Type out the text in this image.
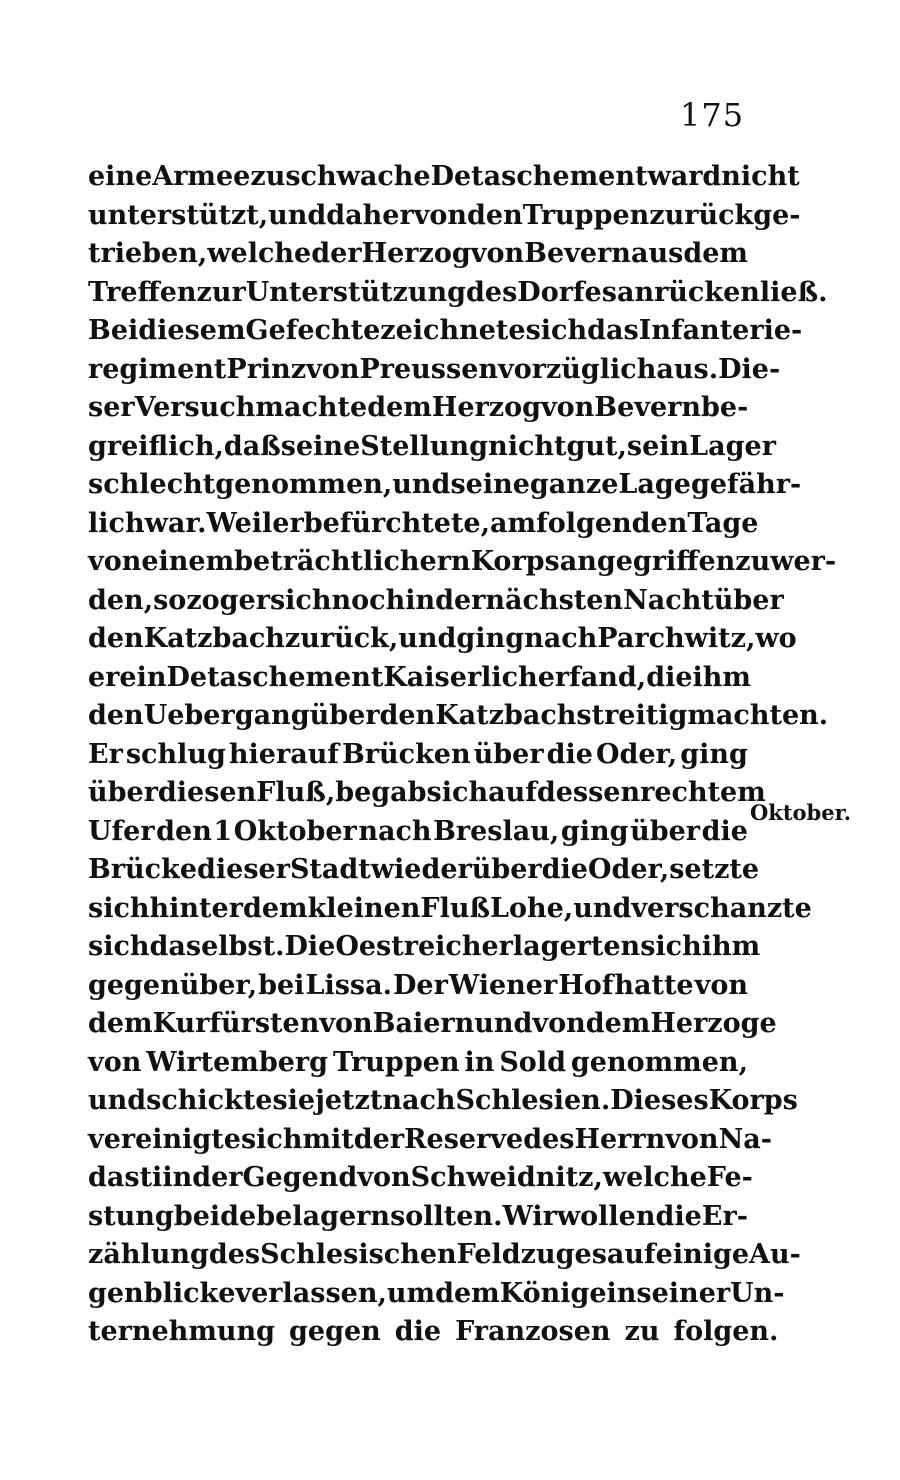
175
eine Armee zu schwache Detaschement ward nicht
unterstützt, und daher von den Truppen zurückge-
trieben, welche der Herzog von Bevern aus dem
Treffen zur Unterstützung des Dorfes anrücken ließ.
Bei diesem Gefechte zeichnete sich das Infanterie-
regiment Prinz von Preussen vorzüglich aus. Die-
ser Versuch machte dem Herzog von Bevern be-
greiflich, daß seine Stellung nicht gut, sein Lager
schlecht genommen, und seine ganze Lage gefähr-
lich war. Weil er befürchtete, am folgenden Tage
von einem beträchtlichern Korps angegriffen zu wer-
den, so zog er sich noch in der nächsten Nacht über
den Katzbach zurück, und ging nach Parchwitz, wo
er ein Detaschement Kaiserlicher fand, die ihm
den Uebergang über den Katzbach streitig machten.
Er schlug hierauf Brücken über die Oder, ging
über diesen Fluß, begab sich auf dessen rechtem
Ufer den 1 Oktober nach Breslau, ging über die
Brücke dieser Stadt wieder über die Oder, setzte
sich hinter dem kleinen Fluß Lohe, und verschanzte
sich daselbst. Die Oestreicher lagerten sich ihm
gegenüber, bei Lissa. Der Wiener Hof hatte von
dem Kurfürsten von Baiern und von dem Herzoge
von Wirtemberg Truppen in Sold genommen,
und schickte sie jetzt nach Schlesien. Dieses Korps
vereinigte sich mit der Reserve des Herrn von Na-
dasti in der Gegend von Schweidnitz, welche Fe-
stung beide belagern sollten. Wir wollen die Er-
zählung des Schlesischen Feldzuges auf einige Au-
genblicke verlassen, um dem Könige in seiner Un-
ternehmung gegen die Franzosen zu folgen.
Oktober.
